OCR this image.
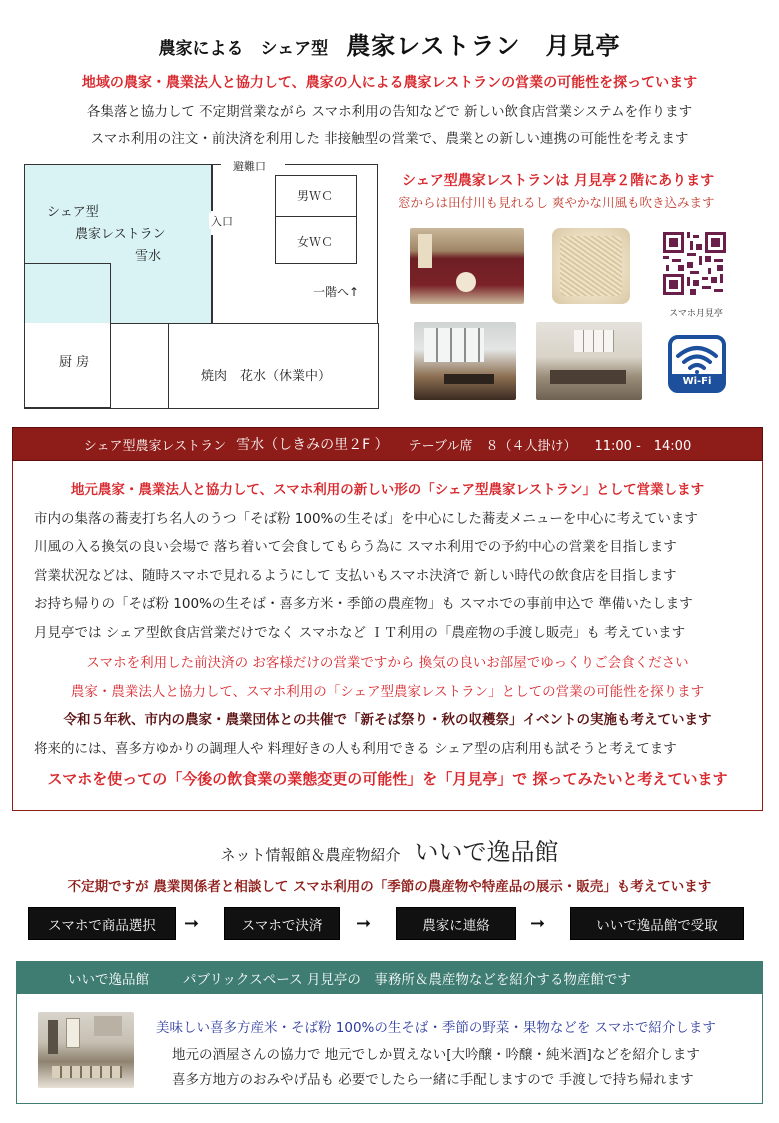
農家による　シェア型 農家レストラン　月見亭
地域の農家・農業法人と協力して、農家の人による農家レストランの営業の可能性を探っています
各集落と協力して 不定期営業ながら スマホ利用の告知などで 新しい飲食店営業システムを作ります
スマホ利用の注文・前決済を利用した 非接触型の営業で、農業との新しい連携の可能性を考えます
避難口
シェア型
農家レストラン
雪水
入口
男ＷＣ
女ＷＣ
一階へ↑
厨 房
焼肉　花水（休業中）
シェア型農家レストランは 月見亭２階にあります
窓からは田付川も見れるし 爽やかな川風も吹き込みます
スマホ月見亭
Wi-Fi
シェア型農家レストラン 雪水（しきみの里２F ） テーブル席　８（４人掛け） 11:00 -　14:00
地元農家・農業法人と協力して、スマホ利用の新しい形の「シェア型農家レストラン」として営業します
市内の集落の蕎麦打ち名人のうつ「そば粉 100%の生そば」を中心にした蕎麦メニューを中心に考えています
川風の入る換気の良い会場で 落ち着いて会食してもらう為に スマホ利用での予約中心の営業を目指します
営業状況などは、随時スマホで見れるようにして 支払いもスマホ決済で 新しい時代の飲食店を目指します
お持ち帰りの「そば粉 100%の生そば・喜多方米・季節の農産物」も スマホでの事前申込で 準備いたします
月見亭では シェア型飲食店営業だけでなく スマホなど ＩＴ利用の「農産物の手渡し販売」も 考えています
スマホを利用した前決済の お客様だけの営業ですから 換気の良いお部屋でゆっくりご会食ください
農家・農業法人と協力して、スマホ利用の「シェア型農家レストラン」としての営業の可能性を探ります
令和５年秋、市内の農家・農業団体との共催で「新そば祭り・秋の収穫祭」イベントの実施も考えています
将来的には、喜多方ゆかりの調理人や 料理好きの人も利用できる シェア型の店利用も試そうと考えてます
スマホを使っての「今後の飲食業の業態変更の可能性」を「月見亭」で 探ってみたいと考えています
ネット情報館＆農産物紹介 いいで逸品館
不定期ですが 農業関係者と相談して スマホ利用の「季節の農産物や特産品の展示・販売」も考えています
スマホで商品選択	➞	スマホで決済	➞	農家に連絡	➞	いいで逸品館で受取
いいで逸品館	パブリックスペース 月見亭の　事務所＆農産物などを紹介する物産館です
美味しい喜多方産米・そば粉 100%の生そば・季節の野菜・果物などを スマホで紹介します
地元の酒屋さんの協力で 地元でしか買えない[大吟醸・吟醸・純米酒]などを紹介します
喜多方地方のおみやげ品も 必要でしたら一緒に手配しますので 手渡しで持ち帰れます
